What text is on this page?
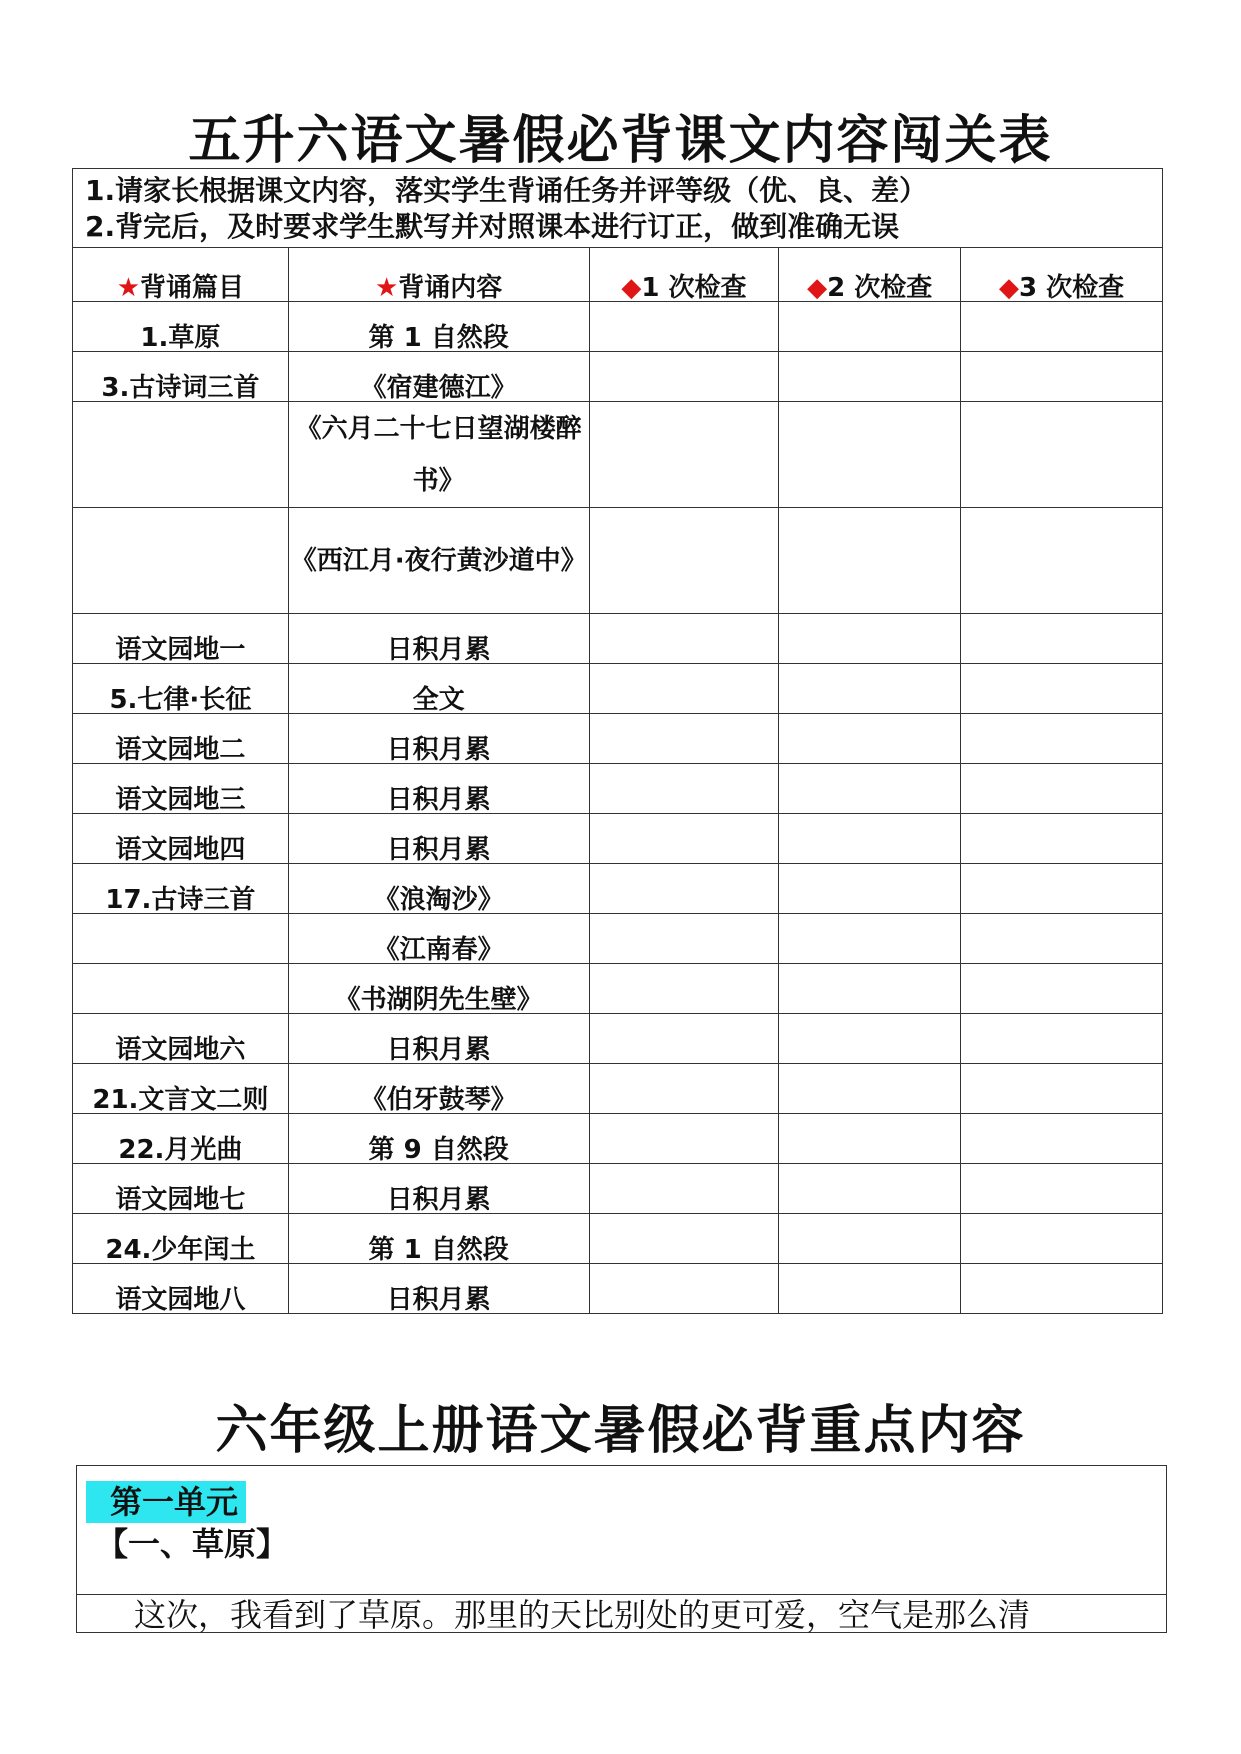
五升六语文暑假必背课文内容闯关表
1.请家长根据课文内容，落实学生背诵任务并评等级（优、良、差）
2.背完后，及时要求学生默写并对照课本进行订正，做到准确无误
★背诵篇目	★背诵内容	◆1 次检查	◆2 次检查	◆3 次检查
1.草原	第 1 自然段			
3.古诗词三首	《宿建德江》			
	《六月二十七日望湖楼醉书》			
	《西江月·夜行黄沙道中》			
语文园地一	日积月累			
5.七律·长征	全文			
语文园地二	日积月累			
语文园地三	日积月累			
语文园地四	日积月累			
17.古诗三首	《浪淘沙》			
	《江南春》			
	《书湖阴先生壁》			
语文园地六	日积月累			
21.文言文二则	《伯牙鼓琴》			
22.月光曲	第 9 自然段			
语文园地七	日积月累			
24.少年闰土	第 1 自然段			
语文园地八	日积月累			
六年级上册语文暑假必背重点内容
第一单元
【一、草原】
这次，我看到了草原。那里的天比别处的更可爱，空气是那么清
